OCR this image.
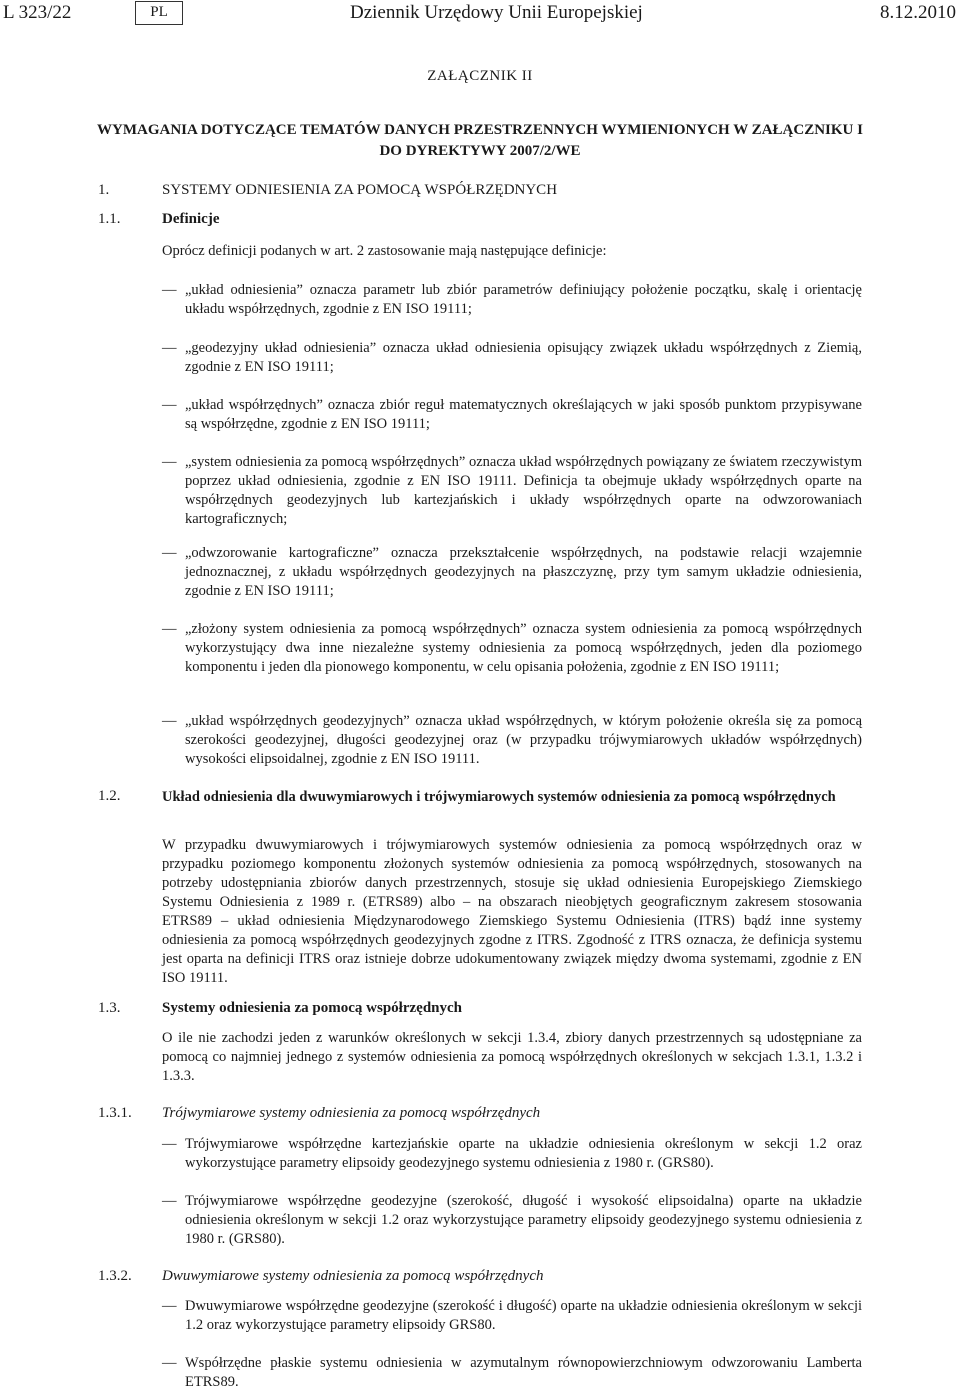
L 323/22	PL	Dziennik Urzędowy Unii Europejskiej	8.12.2010
ZAŁĄCZNIK II
WYMAGANIA DOTYCZĄCE TEMATÓW DANYCH PRZESTRZENNYCH WYMIENIONYCH W ZAŁĄCZNIKU I DO DYREKTYWY 2007/2/WE
1.	SYSTEMY ODNIESIENIA ZA POMOCĄ WSPÓŁRZĘDNYCH
1.1.	Definicje
Oprócz definicji podanych w art. 2 zastosowanie mają następujące definicje:
— „układ odniesienia” oznacza parametr lub zbiór parametrów definiujący położenie początku, skalę i orientację układu współrzędnych, zgodnie z EN ISO 19111;
— „geodezyjny układ odniesienia” oznacza układ odniesienia opisujący związek układu współrzędnych z Ziemią, zgodnie z EN ISO 19111;
— „układ współrzędnych” oznacza zbiór reguł matematycznych określających w jaki sposób punktom przypisywane są współrzędne, zgodnie z EN ISO 19111;
— „system odniesienia za pomocą współrzędnych” oznacza układ współrzędnych powiązany ze światem rzeczywistym poprzez układ odniesienia, zgodnie z EN ISO 19111. Definicja ta obejmuje układy współrzędnych oparte na współrzędnych geodezyjnych lub kartezjańskich i układy współrzędnych oparte na odwzorowaniach kartograficznych;
— „odwzorowanie kartograficzne” oznacza przekształcenie współrzędnych, na podstawie relacji wzajemnie jednoznacznej, z układu współrzędnych geodezyjnych na płaszczyznę, przy tym samym układzie odniesienia, zgodnie z EN ISO 19111;
— „złożony system odniesienia za pomocą współrzędnych” oznacza system odniesienia za pomocą współrzędnych wykorzystujący dwa inne niezależne systemy odniesienia za pomocą współrzędnych, jeden dla poziomego komponentu i jeden dla pionowego komponentu, w celu opisania położenia, zgodnie z EN ISO 19111;
— „układ współrzędnych geodezyjnych” oznacza układ współrzędnych, w którym położenie określa się za pomocą szerokości geodezyjnej, długości geodezyjnej oraz (w przypadku trójwymiarowych układów współrzędnych) wysokości elipsoidalnej, zgodnie z EN ISO 19111.
1.2.	Układ odniesienia dla dwuwymiarowych i trójwymiarowych systemów odniesienia za pomocą współrzędnych
W przypadku dwuwymiarowych i trójwymiarowych systemów odniesienia za pomocą współrzędnych oraz w przypadku poziomego komponentu złożonych systemów odniesienia za pomocą współrzędnych, stosowanych na potrzeby udostępniania zbiorów danych przestrzennych, stosuje się układ odniesienia Europejskiego Ziemskiego Systemu Odniesienia z 1989 r. (ETRS89) albo – na obszarach nieobjętych geograficznym zakresem stosowania ETRS89 – układ odniesienia Międzynarodowego Ziemskiego Systemu Odniesienia (ITRS) bądź inne systemy odniesienia za pomocą współrzędnych geodezyjnych zgodne z ITRS. Zgodność z ITRS oznacza, że definicja systemu jest oparta na definicji ITRS oraz istnieje dobrze udokumentowany związek między dwoma systemami, zgodnie z EN ISO 19111.
1.3.	Systemy odniesienia za pomocą współrzędnych
O ile nie zachodzi jeden z warunków określonych w sekcji 1.3.4, zbiory danych przestrzennych są udostępniane za pomocą co najmniej jednego z systemów odniesienia za pomocą współrzędnych określonych w sekcjach 1.3.1, 1.3.2 i 1.3.3.
1.3.1. Trójwymiarowe systemy odniesienia za pomocą współrzędnych
— Trójwymiarowe współrzędne kartezjańskie oparte na układzie odniesienia określonym w sekcji 1.2 oraz wykorzystujące parametry elipsoidy geodezyjnego systemu odniesienia z 1980 r. (GRS80).
— Trójwymiarowe współrzędne geodezyjne (szerokość, długość i wysokość elipsoidalna) oparte na układzie odniesienia określonym w sekcji 1.2 oraz wykorzystujące parametry elipsoidy geodezyjnego systemu odniesienia z 1980 r. (GRS80).
1.3.2. Dwuwymiarowe systemy odniesienia za pomocą współrzędnych
— Dwuwymiarowe współrzędne geodezyjne (szerokość i długość) oparte na układzie odniesienia określonym w sekcji 1.2 oraz wykorzystujące parametry elipsoidy GRS80.
— Współrzędne płaskie systemu odniesienia w azymutalnym równopowierzchniowym odwzorowaniu Lamberta ETRS89.
